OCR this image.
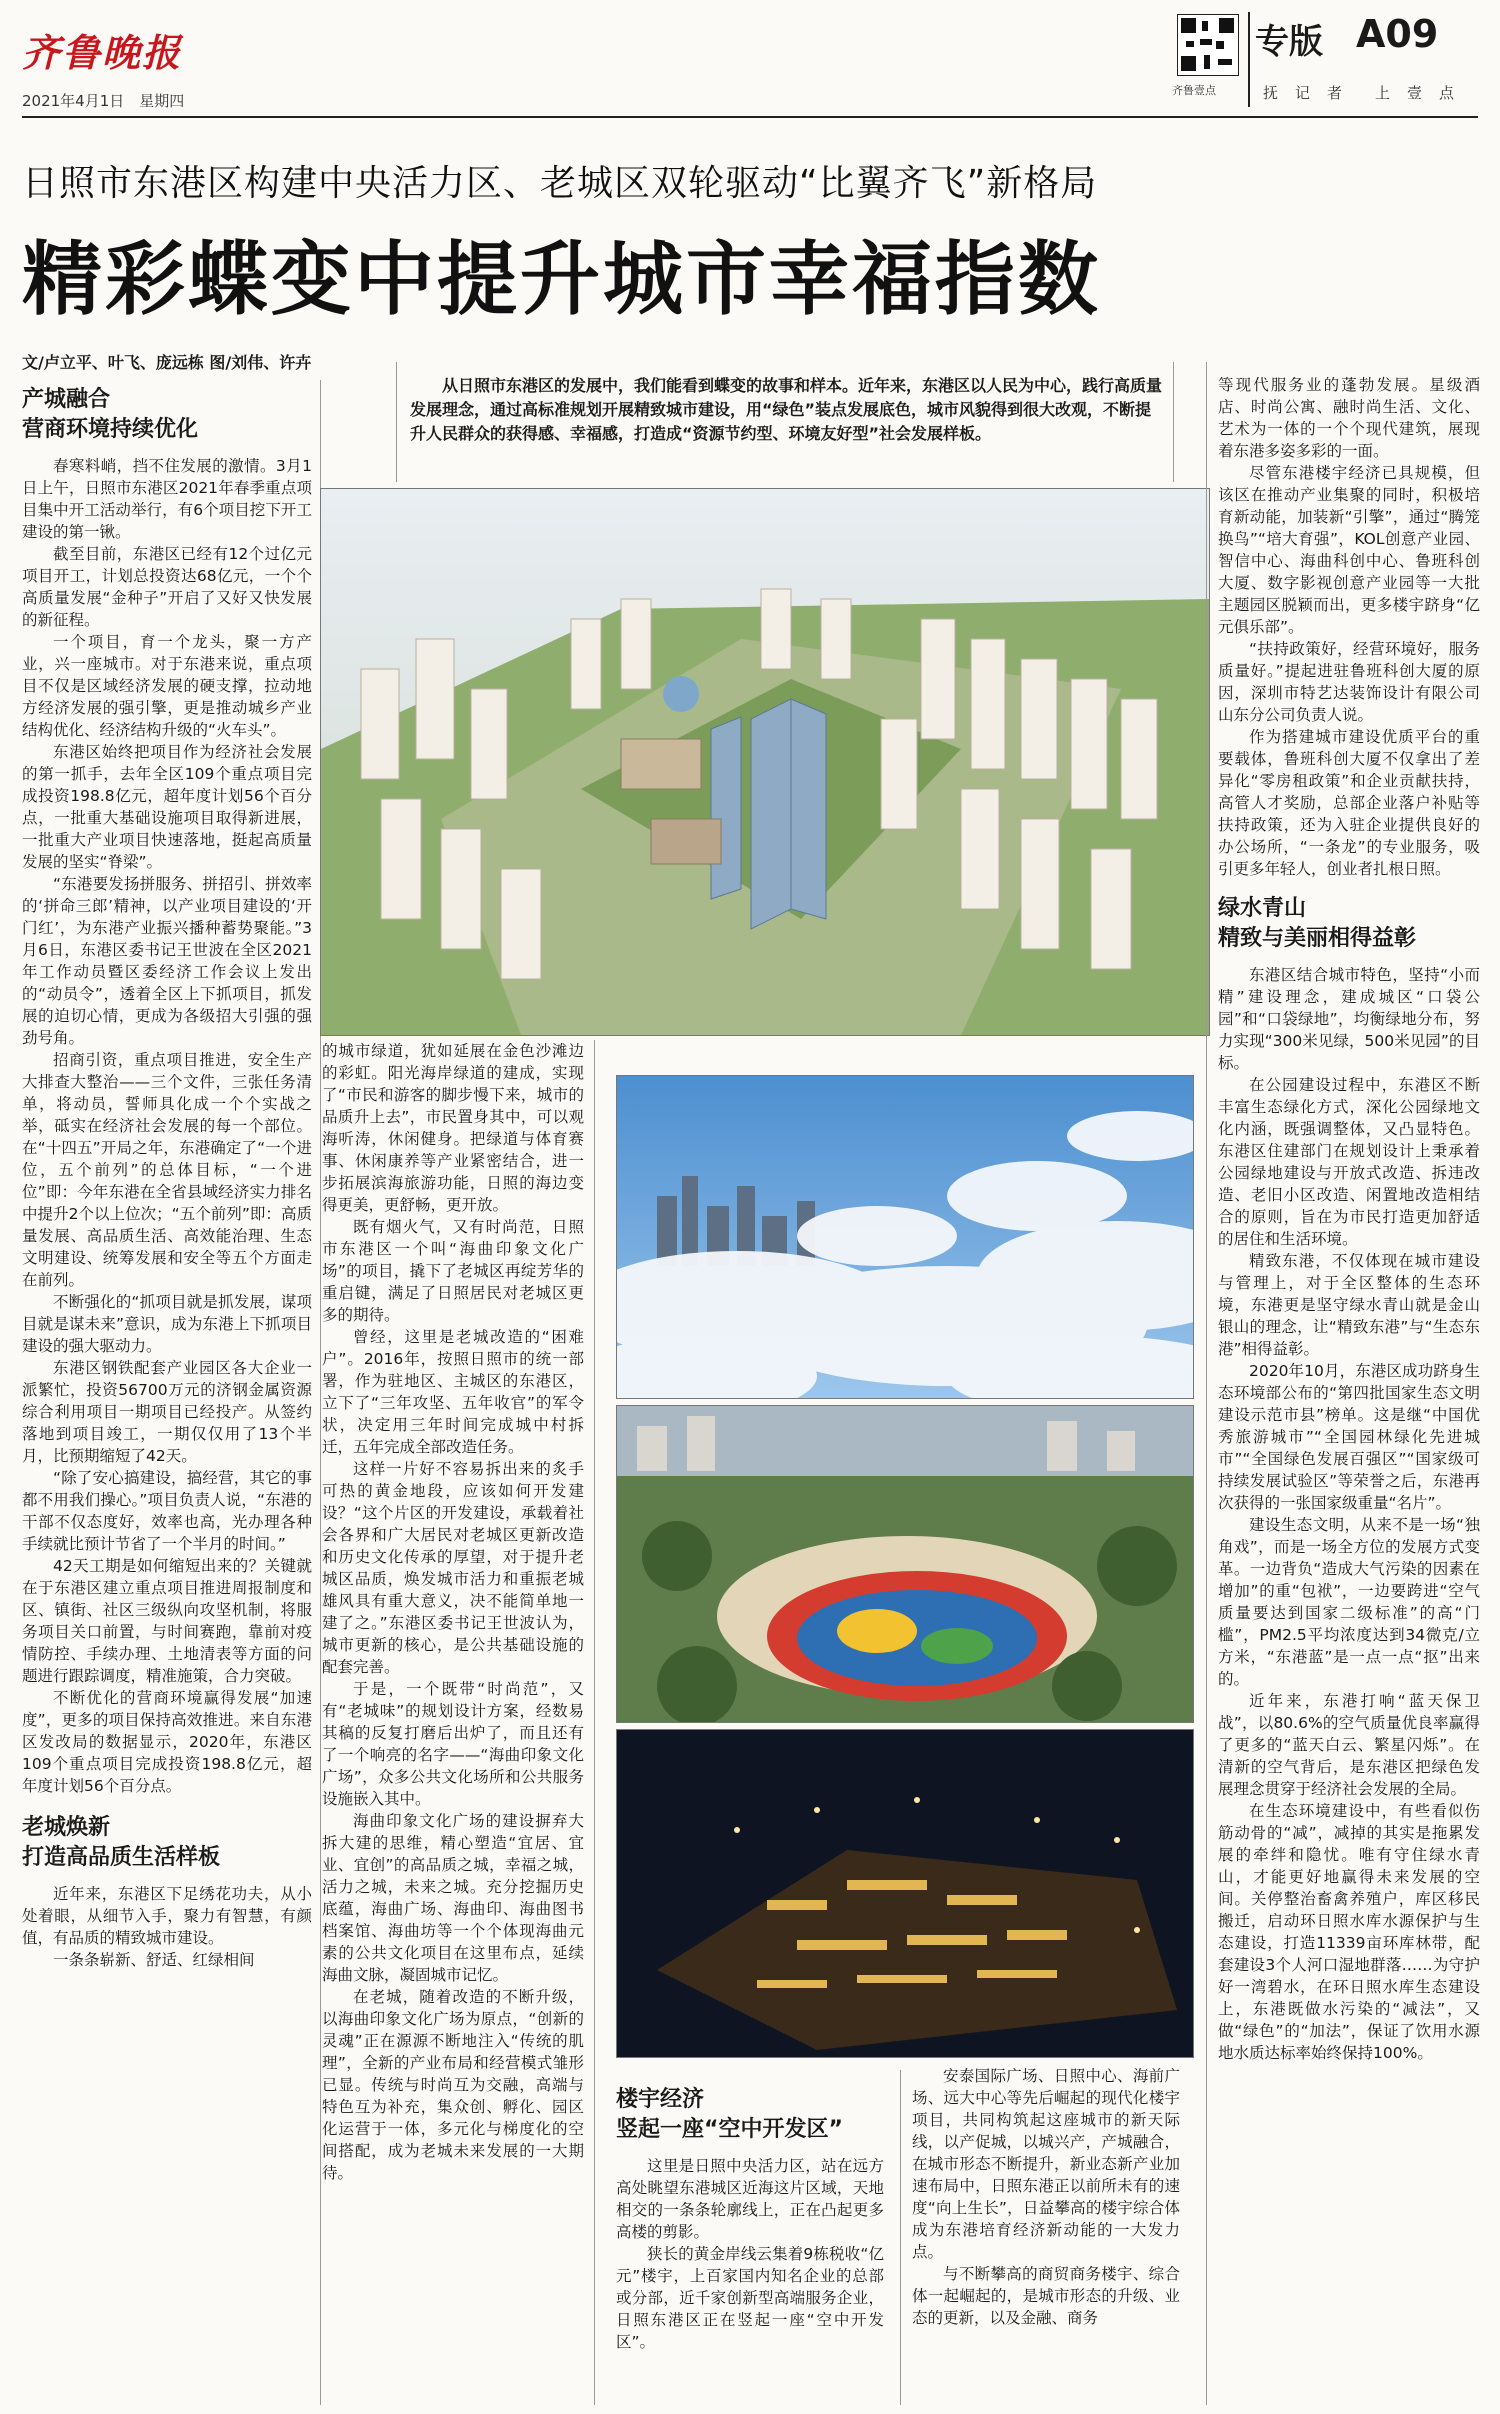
齐鲁晚报
2021年4月1日　星期四
齐鲁壹点
专版 A09
抚　记　者　　上　壹　点
日照市东港区构建中央活力区、老城区双轮驱动“比翼齐飞”新格局
精彩蝶变中提升城市幸福指数
文/卢立平、叶飞、庞远栋 图/刘伟、许卉
从日照市东港区的发展中，我们能看到蝶变的故事和样本。近年来，东港区以人民为中心，践行高质量发展理念，通过高标准规划开展精致城市建设，用“绿色”装点发展底色，城市风貌得到很大改观，不断提升人民群众的获得感、幸福感，打造成“资源节约型、环境友好型”社会发展样板。
产城融合
营商环境持续优化

春寒料峭，挡不住发展的激情。3月1日上午，日照市东港区2021年春季重点项目集中开工活动举行，有6个项目挖下开工建设的第一锹。

截至目前，东港区已经有12个过亿元项目开工，计划总投资达68亿元，一个个高质量发展“金种子”开启了又好又快发展的新征程。

一个项目，育一个龙头，聚一方产业，兴一座城市。对于东港来说，重点项目不仅是区域经济发展的硬支撑，拉动地方经济发展的强引擎，更是推动城乡产业结构优化、经济结构升级的“火车头”。

东港区始终把项目作为经济社会发展的第一抓手，去年全区109个重点项目完成投资198.8亿元，超年度计划56个百分点，一批重大基础设施项目取得新进展，一批重大产业项目快速落地，挺起高质量发展的坚实“脊梁”。

“东港要发扬拼服务、拼招引、拼效率的‘拼命三郎’精神，以产业项目建设的‘开门红’，为东港产业振兴播种蓄势聚能。”3月6日，东港区委书记王世波在全区2021年工作动员暨区委经济工作会议上发出的“动员令”，透着全区上下抓项目，抓发展的迫切心情，更成为各级招大引强的强劲号角。

招商引资，重点项目推进，安全生产大排查大整治——三个文件，三张任务清单，将动员，誓师具化成一个个实战之举，砥实在经济社会发展的每一个部位。在“十四五”开局之年，东港确定了“一个进位，五个前列”的总体目标，“一个进位”即：今年东港在全省县域经济实力排名中提升2个以上位次；“五个前列”即：高质量发展、高品质生活、高效能治理、生态文明建设、统筹发展和安全等五个方面走在前列。

不断强化的“抓项目就是抓发展，谋项目就是谋未来”意识，成为东港上下抓项目建设的强大驱动力。

东港区钢铁配套产业园区各大企业一派繁忙，投资56700万元的济钢金属资源综合利用项目一期项目已经投产。从签约落地到项目竣工，一期仅仅用了13个半月，比预期缩短了42天。

“除了安心搞建设，搞经营，其它的事都不用我们操心。”项目负责人说，“东港的干部不仅态度好，效率也高，光办理各种手续就比预计节省了一个半月的时间。”

42天工期是如何缩短出来的？关键就在于东港区建立重点项目推进周报制度和区、镇街、社区三级纵向攻坚机制，将服务项目关口前置，与时间赛跑，靠前对疫情防控、手续办理、土地清表等方面的问题进行跟踪调度，精准施策，合力突破。

不断优化的营商环境赢得发展“加速度”，更多的项目保持高效推进。来自东港区发改局的数据显示，2020年，东港区109个重点项目完成投资198.8亿元，超年度计划56个百分点。

老城焕新
打造高品质生活样板

近年来，东港区下足绣花功夫，从小处着眼，从细节入手，聚力有智慧，有颜值，有品质的精致城市建设。

一条条崭新、舒适、红绿相间

的城市绿道，犹如延展在金色沙滩边的彩虹。阳光海岸绿道的建成，实现了“市民和游客的脚步慢下来，城市的品质升上去”，市民置身其中，可以观海听涛，休闲健身。把绿道与体育赛事、休闲康养等产业紧密结合，进一步拓展滨海旅游功能，日照的海边变得更美，更舒畅，更开放。

既有烟火气，又有时尚范，日照市东港区一个叫“海曲印象文化广场”的项目，撬下了老城区再绽芳华的重启键，满足了日照居民对老城区更多的期待。

曾经，这里是老城改造的“困难户”。2016年，按照日照市的统一部署，作为驻地区、主城区的东港区，立下了“三年攻坚、五年收官”的军令状，决定用三年时间完成城中村拆迁，五年完成全部改造任务。

这样一片好不容易拆出来的炙手可热的黄金地段，应该如何开发建设？“这个片区的开发建设，承载着社会各界和广大居民对老城区更新改造和历史文化传承的厚望，对于提升老城区品质，焕发城市活力和重振老城雄风具有重大意义，决不能简单地一建了之。”东港区委书记王世波认为，城市更新的核心，是公共基础设施的配套完善。

于是，一个既带“时尚范”，又有“老城味”的规划设计方案，经数易其稿的反复打磨后出炉了，而且还有了一个响亮的名字——“海曲印象文化广场”，众多公共文化场所和公共服务设施嵌入其中。

海曲印象文化广场的建设摒弃大拆大建的思维，精心塑造“宜居、宜业、宜创”的高品质之城，幸福之城，活力之城，未来之城。充分挖掘历史底蕴，海曲广场、海曲印、海曲图书档案馆、海曲坊等一个个体现海曲元素的公共文化项目在这里布点，延续海曲文脉，凝固城市记忆。

在老城，随着改造的不断升级，以海曲印象文化广场为原点，“创新的灵魂”正在源源不断地注入“传统的肌理”，全新的产业布局和经营模式雏形已显。传统与时尚互为交融，高端与特色互为补充，集众创、孵化、园区化运营于一体，多元化与梯度化的空间搭配，成为老城未来发展的一大期待。

楼宇经济
竖起一座“空中开发区”

这里是日照中央活力区，站在远方高处眺望东港城区近海这片区域，天地相交的一条条轮廓线上，正在凸起更多高楼的剪影。

狭长的黄金岸线云集着9栋税收“亿元”楼宇，上百家国内知名企业的总部或分部，近千家创新型高端服务企业，日照东港区正在竖起一座“空中开发区”。

安泰国际广场、日照中心、海前广场、远大中心等先后崛起的现代化楼宇项目，共同构筑起这座城市的新天际线，以产促城，以城兴产，产城融合，在城市形态不断提升，新业态新产业加速布局中，日照东港正以前所未有的速度“向上生长”，日益攀高的楼宇综合体成为东港培育经济新动能的一大发力点。

与不断攀高的商贸商务楼宇、综合体一起崛起的，是城市形态的升级、业态的更新，以及金融、商务

等现代服务业的蓬勃发展。星级酒店、时尚公寓、融时尚生活、文化、艺术为一体的一个个现代建筑，展现着东港多姿多彩的一面。

尽管东港楼宇经济已具规模，但该区在推动产业集聚的同时，积极培育新动能，加装新“引擎”，通过“腾笼换鸟”“培大育强”，KOL创意产业园、智信中心、海曲科创中心、鲁班科创大厦、数字影视创意产业园等一大批主题园区脱颖而出，更多楼宇跻身“亿元俱乐部”。

“扶持政策好，经营环境好，服务质量好。”提起进驻鲁班科创大厦的原因，深圳市特艺达装饰设计有限公司山东分公司负责人说。

作为搭建城市建设优质平台的重要载体，鲁班科创大厦不仅拿出了差异化“零房租政策”和企业贡献扶持，高管人才奖励，总部企业落户补贴等扶持政策，还为入驻企业提供良好的办公场所，“一条龙”的专业服务，吸引更多年轻人，创业者扎根日照。

绿水青山
精致与美丽相得益彰

东港区结合城市特色，坚持“小而精”建设理念，建成城区“口袋公园”和“口袋绿地”，均衡绿地分布，努力实现“300米见绿，500米见园”的目标。

在公园建设过程中，东港区不断丰富生态绿化方式，深化公园绿地文化内涵，既强调整体，又凸显特色。东港区住建部门在规划设计上秉承着公园绿地建设与开放式改造、拆违改造、老旧小区改造、闲置地改造相结合的原则，旨在为市民打造更加舒适的居住和生活环境。

精致东港，不仅体现在城市建设与管理上，对于全区整体的生态环境，东港更是坚守绿水青山就是金山银山的理念，让“精致东港”与“生态东港”相得益彰。

2020年10月，东港区成功跻身生态环境部公布的“第四批国家生态文明建设示范市县”榜单。这是继“中国优秀旅游城市”“全国园林绿化先进城市”“全国绿色发展百强区”“国家级可持续发展试验区”等荣誉之后，东港再次获得的一张国家级重量“名片”。

建设生态文明，从来不是一场“独角戏”，而是一场全方位的发展方式变革。一边背负“造成大气污染的因素在增加”的重“包袱”，一边要跨进“空气质量要达到国家二级标准”的高“门槛”，PM2.5平均浓度达到34微克/立方米，“东港蓝”是一点一点“抠”出来的。

近年来，东港打响“蓝天保卫战”，以80.6%的空气质量优良率赢得了更多的“蓝天白云、繁星闪烁”。在清新的空气背后，是东港区把绿色发展理念贯穿于经济社会发展的全局。

在生态环境建设中，有些看似伤筋动骨的“减”，减掉的其实是拖累发展的牵绊和隐忧。唯有守住绿水青山，才能更好地赢得未来发展的空间。关停整治畜禽养殖户，库区移民搬迁，启动环日照水库水源保护与生态建设，打造11339亩环库林带，配套建设3个人河口湿地群落……为守护好一湾碧水，在环日照水库生态建设上，东港既做水污染的“减法”，又做“绿色”的“加法”，保证了饮用水源地水质达标率始终保持100%。
